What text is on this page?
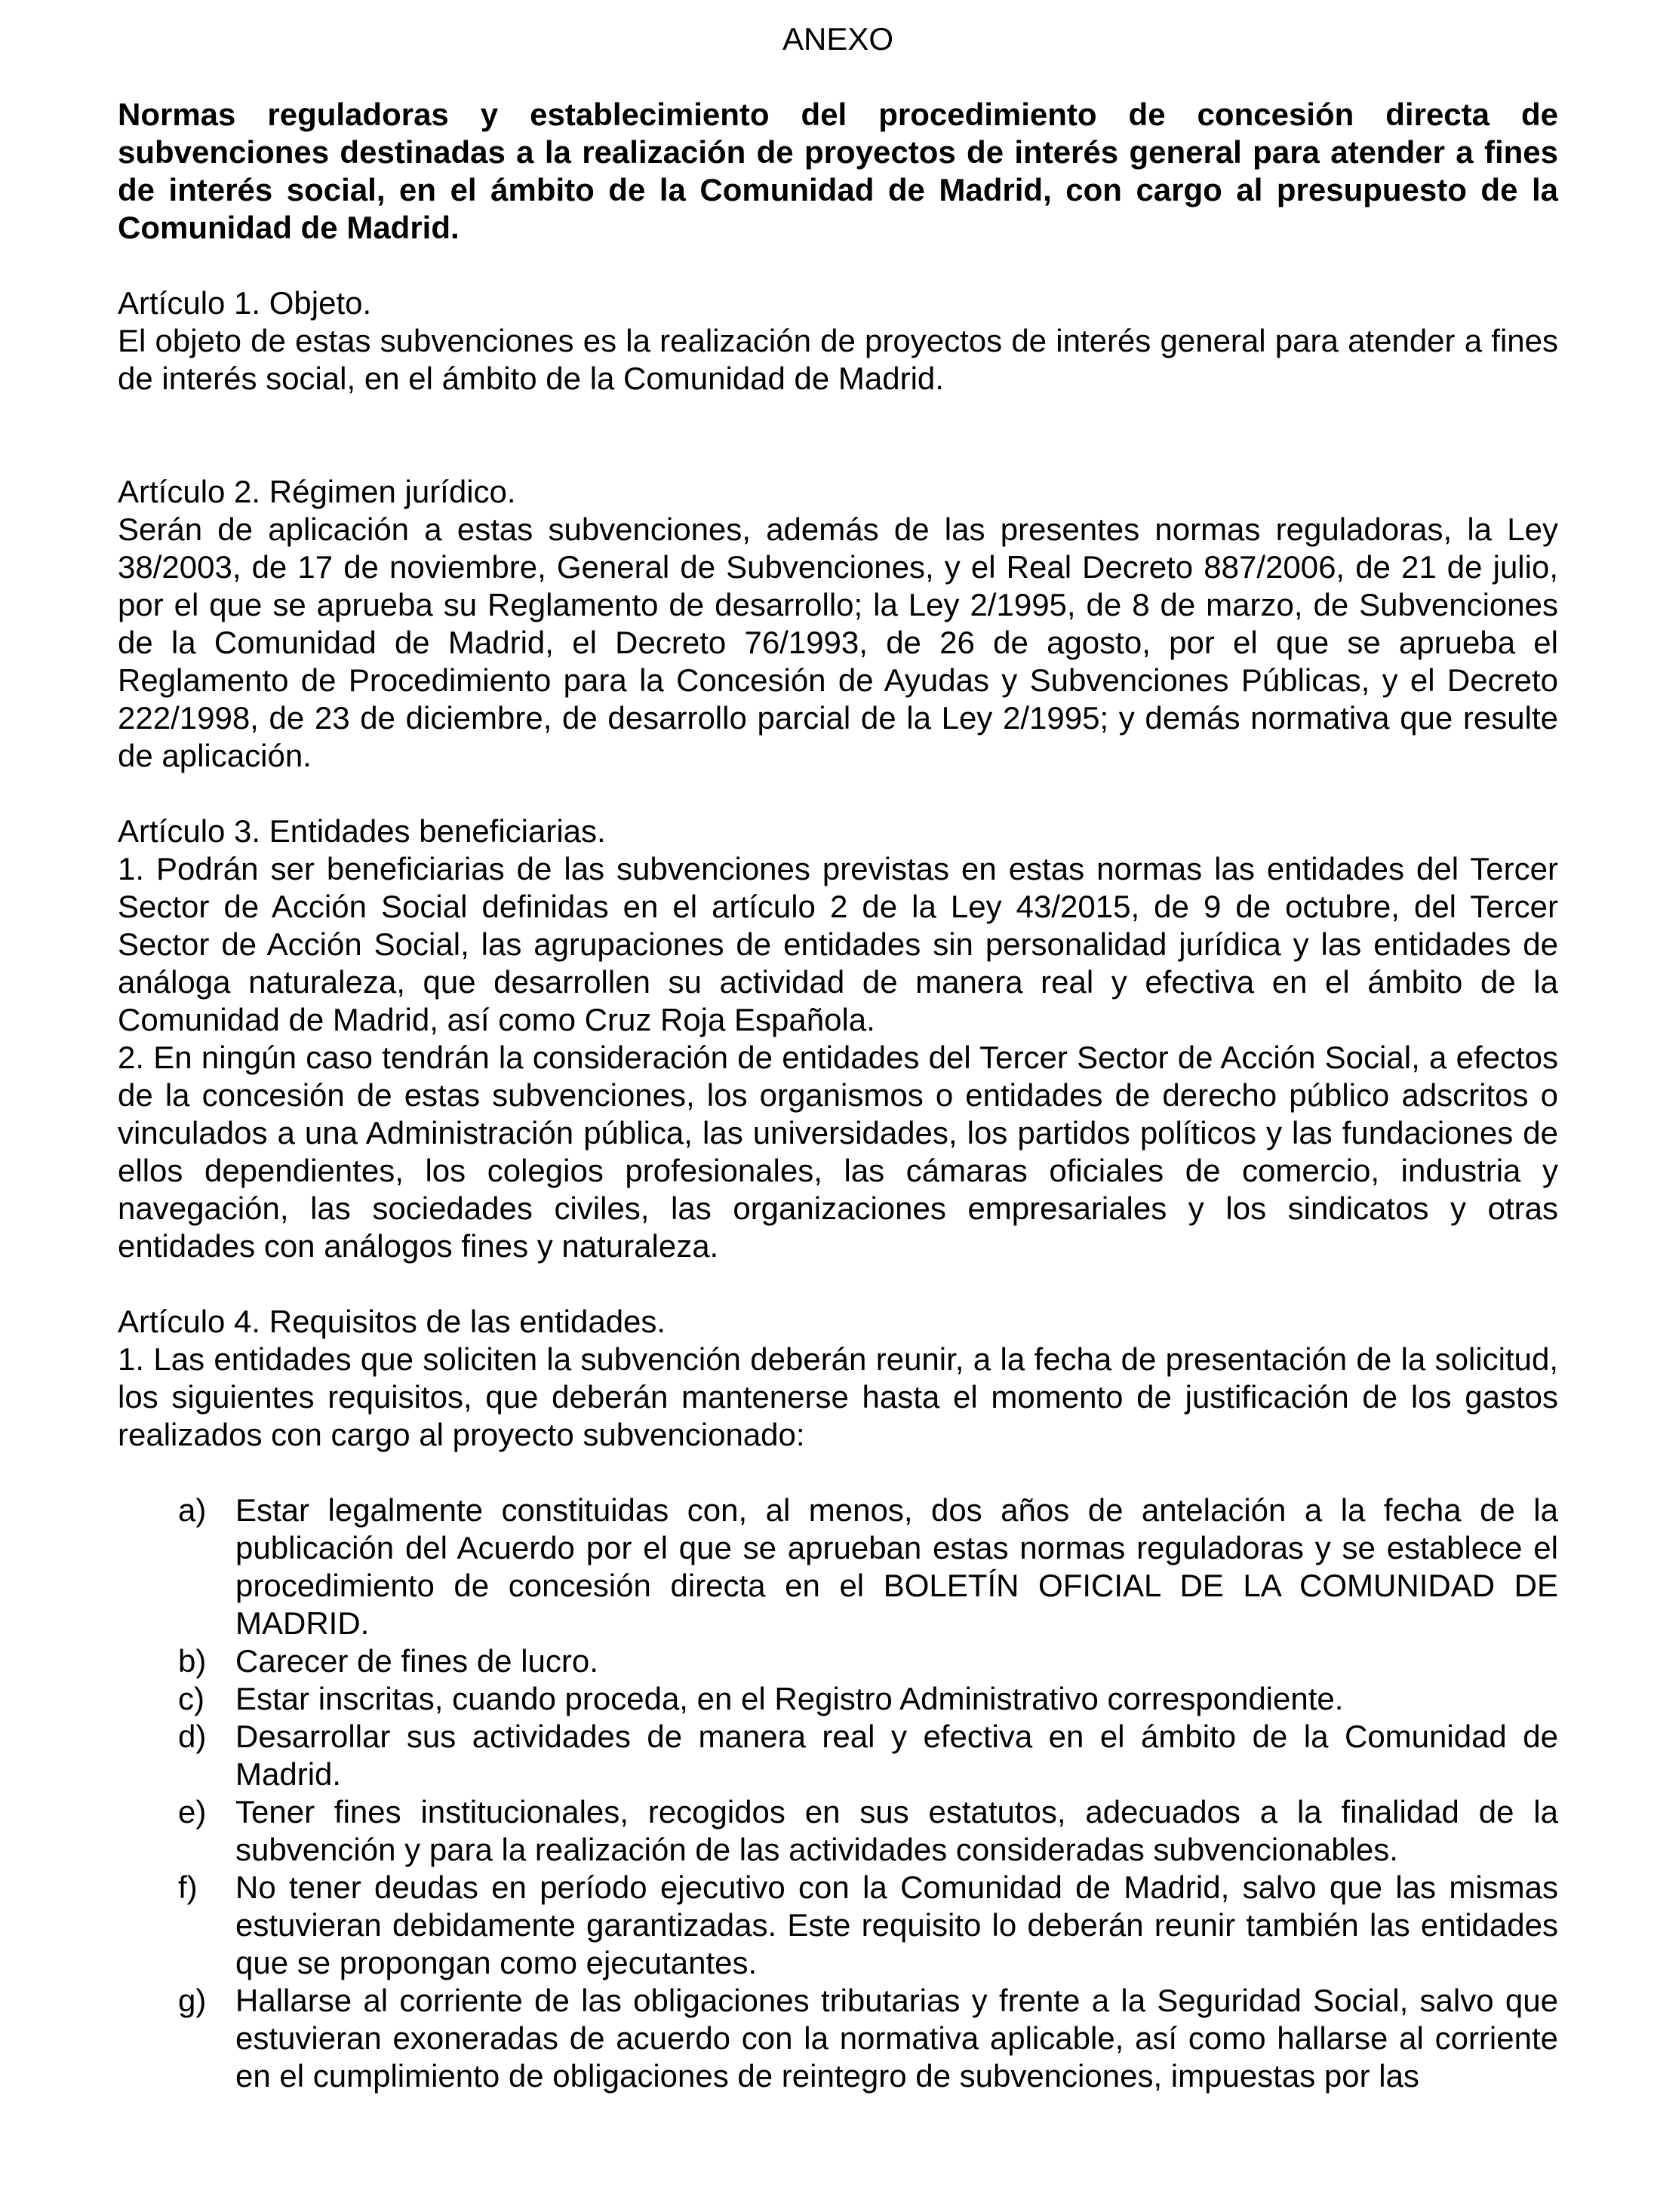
ANEXO

Normas reguladoras y establecimiento del procedimiento de concesión directa de subvenciones destinadas a la realización de proyectos de interés general para atender a fines de interés social, en el ámbito de la Comunidad de Madrid, con cargo al presupuesto de la Comunidad de Madrid.

Artículo 1. Objeto.

El objeto de estas subvenciones es la realización de proyectos de interés general para atender a fines de interés social, en el ámbito de la Comunidad de Madrid.

Artículo 2. Régimen jurídico.

Serán de aplicación a estas subvenciones, además de las presentes normas reguladoras, la Ley 38/2003, de 17 de noviembre, General de Subvenciones, y el Real Decreto 887/2006, de 21 de julio, por el que se aprueba su Reglamento de desarrollo; la Ley 2/1995, de 8 de marzo, de Subvenciones de la Comunidad de Madrid, el Decreto 76/1993, de 26 de agosto, por el que se aprueba el Reglamento de Procedimiento para la Concesión de Ayudas y Subvenciones Públicas, y el Decreto 222/1998, de 23 de diciembre, de desarrollo parcial de la Ley 2/1995; y demás normativa que resulte de aplicación.

Artículo 3. Entidades beneficiarias.

1. Podrán ser beneficiarias de las subvenciones previstas en estas normas las entidades del Tercer Sector de Acción Social definidas en el artículo 2 de la Ley 43/2015, de 9 de octubre, del Tercer Sector de Acción Social, las agrupaciones de entidades sin personalidad jurídica y las entidades de análoga naturaleza, que desarrollen su actividad de manera real y efectiva en el ámbito de la Comunidad de Madrid, así como Cruz Roja Española.

2. En ningún caso tendrán la consideración de entidades del Tercer Sector de Acción Social, a efectos de la concesión de estas subvenciones, los organismos o entidades de derecho público adscritos o vinculados a una Administración pública, las universidades, los partidos políticos y las fundaciones de ellos dependientes, los colegios profesionales, las cámaras oficiales de comercio, industria y navegación, las sociedades civiles, las organizaciones empresariales y los sindicatos y otras entidades con análogos fines y naturaleza.

Artículo 4. Requisitos de las entidades.

1. Las entidades que soliciten la subvención deberán reunir, a la fecha de presentación de la solicitud, los siguientes requisitos, que deberán mantenerse hasta el momento de justificación de los gastos realizados con cargo al proyecto subvencionado:

a) Estar legalmente constituidas con, al menos, dos años de antelación a la fecha de la publicación del Acuerdo por el que se aprueban estas normas reguladoras y se establece el procedimiento de concesión directa en el BOLETÍN OFICIAL DE LA COMUNIDAD DE MADRID.
b) Carecer de fines de lucro.
c) Estar inscritas, cuando proceda, en el Registro Administrativo correspondiente.
d) Desarrollar sus actividades de manera real y efectiva en el ámbito de la Comunidad de Madrid.
e) Tener fines institucionales, recogidos en sus estatutos, adecuados a la finalidad de la subvención y para la realización de las actividades consideradas subvencionables.
f) No tener deudas en período ejecutivo con la Comunidad de Madrid, salvo que las mismas estuvieran debidamente garantizadas. Este requisito lo deberán reunir también las entidades que se propongan como ejecutantes.
g) Hallarse al corriente de las obligaciones tributarias y frente a la Seguridad Social, salvo que estuvieran exoneradas de acuerdo con la normativa aplicable, así como hallarse al corriente en el cumplimiento de obligaciones de reintegro de subvenciones, impuestas por las
